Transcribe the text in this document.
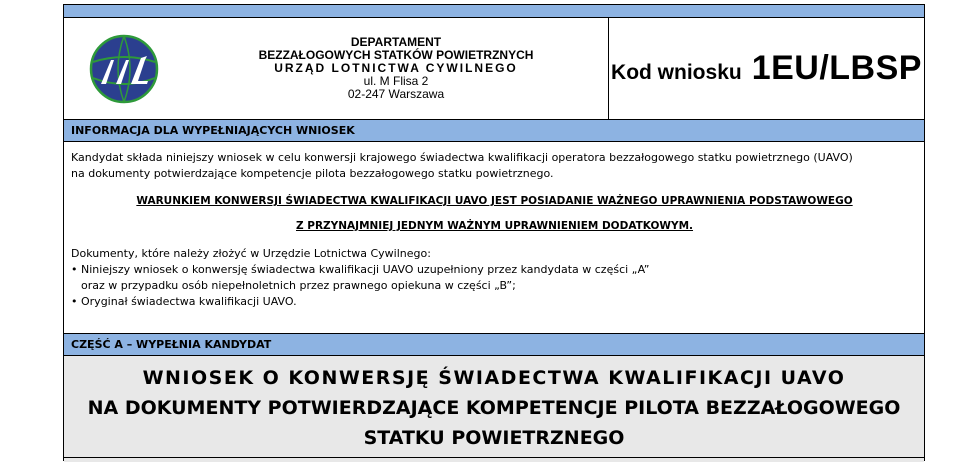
DEPARTAMENT
BEZZAŁOGOWYCH STATKÓW POWIETRZNYCH
URZĄD LOTNICTWA CYWILNEGO
ul. M Flisa 2
02-247 Warszawa
Kod wniosku 1EU/LBSP
INFORMACJA DLA WYPEŁNIAJĄCYCH WNIOSEK

Kandydat składa niniejszy wniosek w celu konwersji krajowego świadectwa kwalifikacji operatora bezzałogowego statku powietrznego (UAVO)

na dokumenty potwierdzające kompetencje pilota bezzałogowego statku powietrznego.

WARUNKIEM KONWERSJI ŚWIADECTWA KWALIFIKACJI UAVO JEST POSIADANIE WAŻNEGO UPRAWNIENIA PODSTAWOWEGO

Z PRZYNAJMNIEJ JEDNYM WAŻNYM UPRAWNIENIEM DODATKOWYM.

Dokumenty, które należy złożyć w Urzędzie Lotnictwa Cywilnego:

• Niniejszy wniosek o konwersję świadectwa kwalifikacji UAVO uzupełniony przez kandydata w części „A”
oraz w przypadku osób niepełnoletnich przez prawnego opiekuna w części „B”;
• Oryginał świadectwa kwalifikacji UAVO.
CZĘŚĆ A – WYPEŁNIA KANDYDAT
WNIOSEK O KONWERSJĘ ŚWIADECTWA KWALIFIKACJI UAVO
NA DOKUMENTY POTWIERDZAJĄCE KOMPETENCJE PILOTA BEZZAŁOGOWEGO
STATKU POWIETRZNEGO
